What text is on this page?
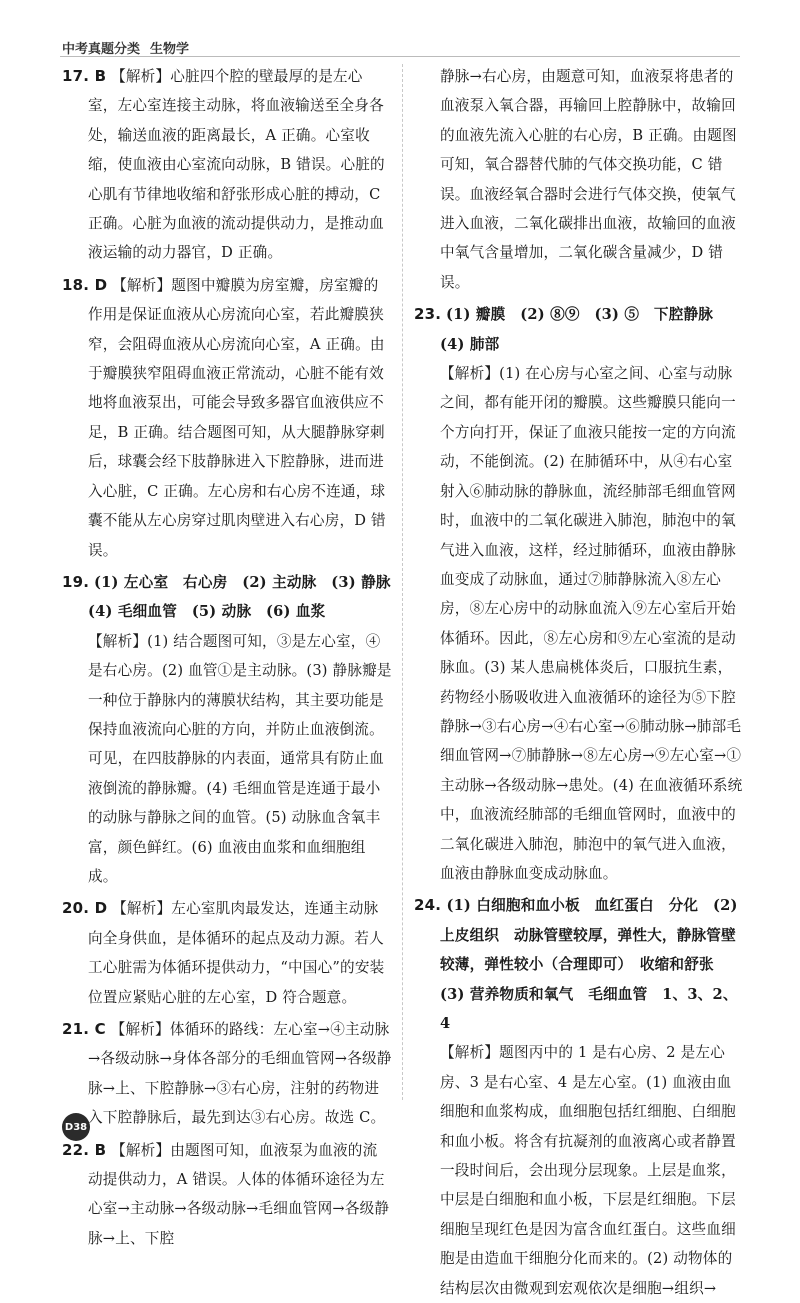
中考真题分类 生物学

17. B 【解析】心脏四个腔的壁最厚的是左心室，左心室连接主动脉，将血液输送至全身各处，输送血液的距离最长，A 正确。心室收缩，使血液由心室流向动脉，B 错误。心脏的心肌有节律地收缩和舒张形成心脏的搏动，C 正确。心脏为血液的流动提供动力，是推动血液运输的动力器官，D 正确。

18. D 【解析】题图中瓣膜为房室瓣，房室瓣的作用是保证血液从心房流向心室，若此瓣膜狭窄，会阻碍血液从心房流向心室，A 正确。由于瓣膜狭窄阻碍血液正常流动，心脏不能有效地将血液泵出，可能会导致多器官血液供应不足，B 正确。结合题图可知，从大腿静脉穿刺后，球囊会经下肢静脉进入下腔静脉，进而进入心脏，C 正确。左心房和右心房不连通，球囊不能从左心房穿过肌肉壁进入右心房，D 错误。

19. (1) 左心室　右心房　(2) 主动脉　(3) 静脉

(4) 毛细血管　(5) 动脉　(6) 血浆

【解析】(1) 结合题图可知，③是左心室，④是右心房。(2) 血管①是主动脉。(3) 静脉瓣是一种位于静脉内的薄膜状结构，其主要功能是保持血液流向心脏的方向，并防止血液倒流。可见，在四肢静脉的内表面，通常具有防止血液倒流的静脉瓣。(4) 毛细血管是连通于最小的动脉与静脉之间的血管。(5) 动脉血含氧丰富，颜色鲜红。(6) 血液由血浆和血细胞组成。

20. D 【解析】左心室肌肉最发达，连通主动脉向全身供血，是体循环的起点及动力源。若人工心脏需为体循环提供动力，“中国心”的安装位置应紧贴心脏的左心室，D 符合题意。

21. C 【解析】体循环的路线：左心室→④主动脉→各级动脉→身体各部分的毛细血管网→各级静脉→上、下腔静脉→③右心房，注射的药物进入下腔静脉后，最先到达③右心房。故选 C。

22. B 【解析】由题图可知，血液泵为血液的流动提供动力，A 错误。人体的体循环途径为左心室→主动脉→各级动脉→毛细血管网→各级静脉→上、下腔

静脉→右心房，由题意可知，血液泵将患者的血液泵入氧合器，再输回上腔静脉中，故输回的血液先流入心脏的右心房，B 正确。由题图可知，氧合器替代肺的气体交换功能，C 错误。血液经氧合器时会进行气体交换，使氧气进入血液，二氧化碳排出血液，故输回的血液中氧气含量增加，二氧化碳含量减少，D 错误。

23. (1) 瓣膜　(2) ⑧⑨　(3) ⑤　下腔静脉　(4) 肺部

【解析】(1) 在心房与心室之间、心室与动脉之间，都有能开闭的瓣膜。这些瓣膜只能向一个方向打开，保证了血液只能按一定的方向流动，不能倒流。(2) 在肺循环中，从④右心室射入⑥肺动脉的静脉血，流经肺部毛细血管网时，血液中的二氧化碳进入肺泡，肺泡中的氧气进入血液，这样，经过肺循环，血液由静脉血变成了动脉血，通过⑦肺静脉流入⑧左心房，⑧左心房中的动脉血流入⑨左心室后开始体循环。因此，⑧左心房和⑨左心室流的是动脉血。(3) 某人患扁桃体炎后，口服抗生素，药物经小肠吸收进入血液循环的途径为⑤下腔静脉→③右心房→④右心室→⑥肺动脉→肺部毛细血管网→⑦肺静脉→⑧左心房→⑨左心室→①主动脉→各级动脉→患处。(4) 在血液循环系统中，血液流经肺部的毛细血管网时，血液中的二氧化碳进入肺泡，肺泡中的氧气进入血液，血液由静脉血变成动脉血。

24. (1) 白细胞和血小板　血红蛋白　分化　(2) 上皮组织　动脉管壁较厚，弹性大，静脉管壁较薄，弹性较小（合理即可）　收缩和舒张　(3) 营养物质和氧气　毛细血管　1、3、2、4

【解析】题图丙中的 1 是右心房、2 是左心房、3 是右心室、4 是左心室。(1) 血液由血细胞和血浆构成，血细胞包括红细胞、白细胞和血小板。将含有抗凝剂的血液离心或者静置一段时间后，会出现分层现象。上层是血浆，中层是白细胞和血小板，下层是红细胞。下层细胞呈现红色是因为富含血红蛋白。这些血细胞是由造血干细胞分化而来的。(2) 动物体的结构层次由微观到宏观依次是细胞→组织→

D38
